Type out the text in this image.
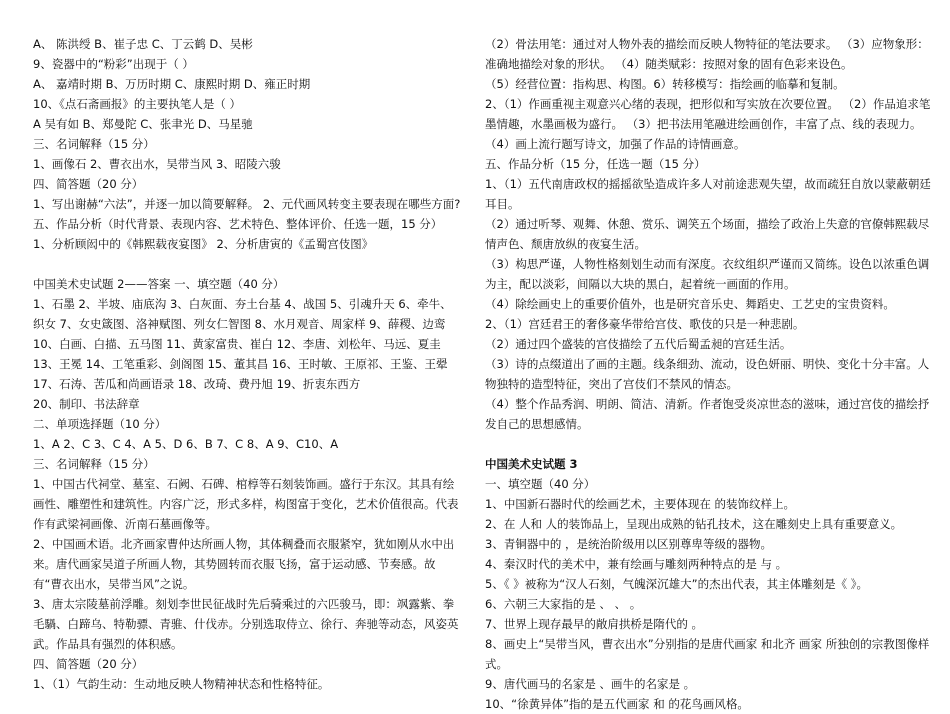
A、 陈洪绶 B、崔子忠 C、丁云鹤 D、吴彬
9、瓷器中的“粉彩”出现于（ ）
A、 嘉靖时期 B、万历时期 C、康熙时期 D、雍正时期
10、《点石斋画报》的主要执笔人是（ ）
A 吴有如 B、郑曼陀 C、张聿光 D、马星驰
三、名词解释（15 分）
1、画像石 2、曹衣出水，吴带当风 3、昭陵六骏
四、简答题（20 分）
1、写出谢赫“六法”，并逐一加以简要解释。 2、元代画风转变主要表现在哪些方面?
五、作品分析（时代背景、表现内容、艺术特色、整体评价、任选一题，15 分）
1、分析顾闳中的《韩熙载夜宴图》 2、分析唐寅的《孟蜀宫伎图》
中国美术史试题 2——答案 一、填空题（40 分）
1、石墨 2、半坡、庙底沟 3、白灰面、夯土台基 4、战国 5、引魂升天 6、牵牛、织女 7、女史箴图、洛神赋图、列女仁智图 8、水月观音、周家样 9、薛稷、边鸾
10、白画、白描、五马图 11、黄家富贵、崔白 12、李唐、刘松年、马远、夏圭
13、王冕 14、工笔重彩、剑阁图 15、董其昌 16、王时敏、王原祁、王鉴、王翚
17、石涛、苦瓜和尚画语录 18、改琦、费丹旭 19、折衷东西方
20、制印、书法辞章
二、单项选择题（10 分）
1、A 2、C 3、C 4、A 5、D 6、B 7、C 8、A 9、C10、A
三、名词解释（15 分）
1、中国古代祠堂、墓室、石阙、石碑、棺椁等石刻装饰画。盛行于东汉。其具有绘画性、雕塑性和建筑性。内容广泛，形式多样，构图富于变化，艺术价值很高。代表作有武梁祠画像、沂南石墓画像等。
2、中国画术语。北齐画家曹仲达所画人物，其体稠叠而衣服紧窄，犹如刚从水中出来。唐代画家吴道子所画人物，其势圆转而衣服飞扬，富于运动感、节奏感。故有“曹衣出水，吴带当风”之说。
3、唐太宗陵墓前浮雕。刻划李世民征战时先后骑乘过的六匹骏马，即：飒露紫、拳毛騧、白蹄乌、特勒骠、青骓、什伐赤。分别选取侍立、徐行、奔驰等动态，风姿英武。作品具有强烈的体积感。
四、简答题（20 分）
1、（1）气韵生动：生动地反映人物精神状态和性格特征。
（2）骨法用笔：通过对人物外表的描绘而反映人物特征的笔法要求。 （3）应物象形：准确地描绘对象的形状。 （4）随类赋彩：按照对象的固有色彩来设色。
（5）经营位置：指构思、构图。6）转移模写：指绘画的临摹和复制。
2、（1）作画重视主观意兴心绪的表现，把形似和写实放在次要位置。 （2）作品追求笔墨情趣，水墨画极为盛行。 （3）把书法用笔融进绘画创作，丰富了点、线的表现力。
（4）画上流行题写诗文，加强了作品的诗情画意。
五、作品分析（15 分，任选一题（15 分）
1、（1）五代南唐政权的摇摇欲坠造成许多人对前途悲观失望，故而疏狂自放以蒙蔽朝廷耳目。
（2）通过听琴、观舞、休憩、赏乐、调笑五个场面，描绘了政治上失意的官僚韩熙载尽情声色、颓唐放纵的夜宴生活。
（3）构思严谨，人物性格刻划生动而有深度。衣纹组织严谨而又简练。设色以浓重色调为主，配以淡彩，间隔以大块的黑白，起着统一画面的作用。
（4）除绘画史上的重要价值外，也是研究音乐史、舞蹈史、工艺史的宝贵资料。
2、（1）宫廷君王的奢侈豪华带给宫伎、歌伎的只是一种悲剧。
（2）通过四个盛装的宫伎描绘了五代后蜀孟昶的宫廷生活。
（3）诗的点缀道出了画的主题。线条细劲、流动，设色妍丽、明快、变化十分丰富。人物独特的造型特征，突出了宫伎们不禁风的情态。
（4）整个作品秀润、明朗、简洁、清新。作者饱受炎凉世态的滋味，通过宫伎的描绘抒发自己的思想感情。
中国美术史试题 3
一、填空题（40 分）
1、中国新石器时代的绘画艺术，主要体现在 的装饰纹样上。
2、在 人和 人的装饰品上，呈现出成熟的钻孔技术，这在雕刻史上具有重要意义。
3、青铜器中的 ，是统治阶级用以区别尊卑等级的器物。
4、秦汉时代的美术中，兼有绘画与雕刻两种特点的是 与 。
5、《 》被称为“汉人石刻，气魄深沉雄大”的杰出代表，其主体雕刻是《 》。
6、六朝三大家指的是 、 、 。
7、世界上现存最早的敞肩拱桥是隋代的 。
8、画史上“吴带当风，曹衣出水”分别指的是唐代画家 和北齐 画家 所独创的宗教图像样式。
9、唐代画马的名家是 、画牛的名家是 。
10、“徐黄异体”指的是五代画家 和 的花鸟画风格。
